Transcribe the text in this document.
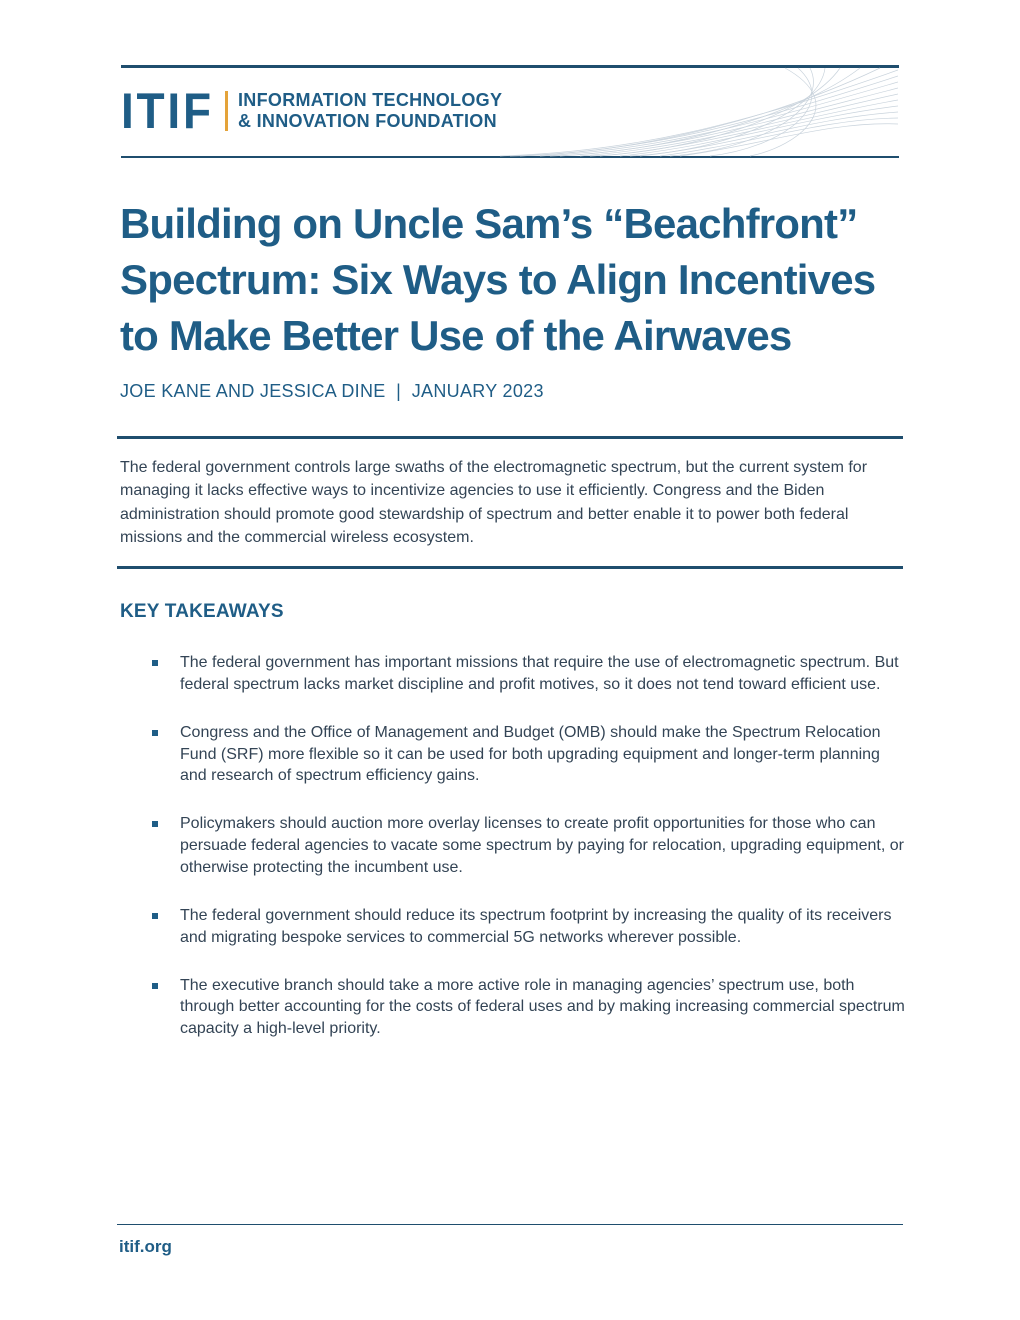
ITIF INFORMATION TECHNOLOGY
& INNOVATION FOUNDATION
Building on Uncle Sam’s “Beachfront” Spectrum: Six Ways to Align Incentives to Make Better Use of the Airwaves
JOE KANE AND JESSICA DINE  |  JANUARY 2023

The federal government controls large swaths of the electromagnetic spectrum, but the current system for managing it lacks effective ways to incentivize agencies to use it efficiently. Congress and the Biden administration should promote good stewardship of spectrum and better enable it to power both federal missions and the commercial wireless ecosystem.

KEY TAKEAWAYS
The federal government has important missions that require the use of electromagnetic spectrum. But federal spectrum lacks market discipline and profit motives, so it does not tend toward efficient use.
Congress and the Office of Management and Budget (OMB) should make the Spectrum Relocation Fund (SRF) more flexible so it can be used for both upgrading equipment and longer-term planning and research of spectrum efficiency gains.
Policymakers should auction more overlay licenses to create profit opportunities for those who can persuade federal agencies to vacate some spectrum by paying for relocation, upgrading equipment, or otherwise protecting the incumbent use.
The federal government should reduce its spectrum footprint by increasing the quality of its receivers and migrating bespoke services to commercial 5G networks wherever possible.
The executive branch should take a more active role in managing agencies’ spectrum use, both through better accounting for the costs of federal uses and by making increasing commercial spectrum capacity a high-level priority.
itif.org
